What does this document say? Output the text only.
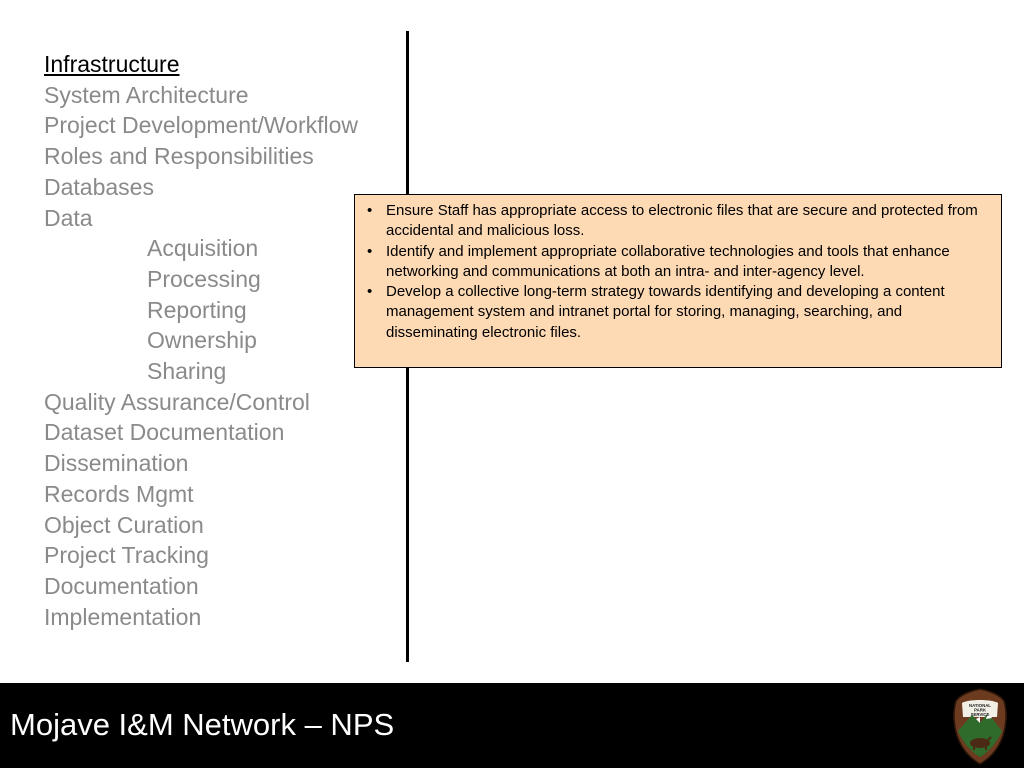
Infrastructure
System Architecture
Project Development/Workflow
Roles and Responsibilities
Databases
Data
Acquisition
Processing
Reporting
Ownership
Sharing
Quality Assurance/Control
Dataset Documentation
Dissemination
Records Mgmt
Object Curation
Project Tracking
Documentation
Implementation
• Ensure Staff has appropriate access to electronic files that are secure and protected from accidental and malicious loss.
• Identify and implement appropriate collaborative technologies and tools that enhance networking and communications at both an intra- and inter-agency level.
• Develop a collective long-term strategy towards identifying and developing a content management system and intranet portal for storing, managing, searching, and disseminating electronic files.
Mojave I&M Network – NPS
NATIONAL
PARK
SERVICE
